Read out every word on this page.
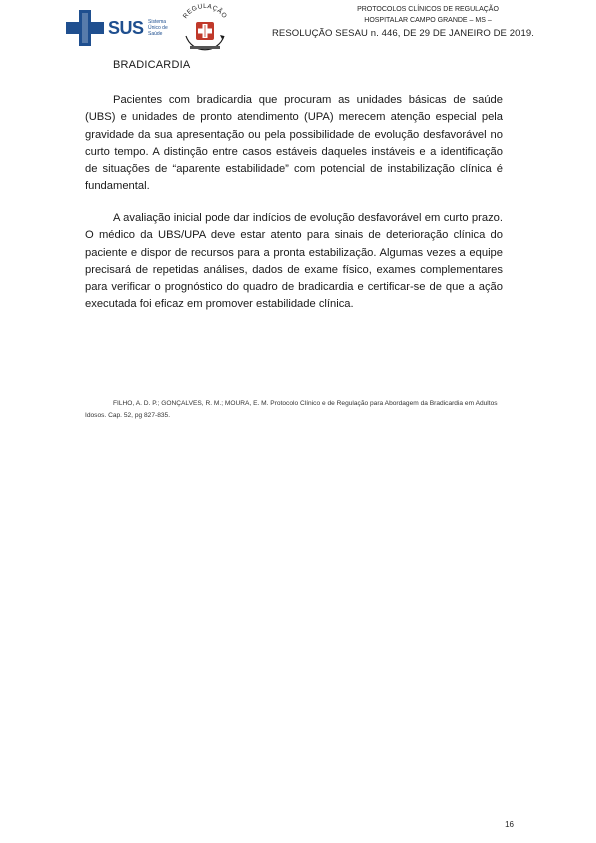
SUS Sistema Único de Saúde
REGULAÇÃO
PROTOCOLOS CLÍNICOS DE REGULAÇÃO
HOSPITALAR CAMPO GRANDE – MS –
RESOLUÇÃO SESAU n. 446, DE 29 DE JANEIRO DE 2019.
BRADICARDIA

Pacientes com bradicardia que procuram as unidades básicas de saúde (UBS) e unidades de pronto atendimento (UPA) merecem atenção especial pela gravidade da sua apresentação ou pela possibilidade de evolução desfavorável no curto tempo. A distinção entre casos estáveis daqueles instáveis e a identificação de situações de “aparente estabilidade” com potencial de instabilização clínica é fundamental.

A avaliação inicial pode dar indícios de evolução desfavorável em curto prazo. O médico da UBS/UPA deve estar atento para sinais de deterioração clínica do paciente e dispor de recursos para a pronta estabilização. Algumas vezes a equipe precisará de repetidas análises, dados de exame físico, exames complementares para verificar o prognóstico do quadro de bradicardia e certificar-se de que a ação executada foi eficaz em promover estabilidade clínica.

FILHO, A. D. P.; GONÇALVES, R. M.; MOURA, E. M. Protocolo Clínico e de Regulação para Abordagem da Bradicardia em Adultos Idosos. Cap. 52, pg 827-835.

16
